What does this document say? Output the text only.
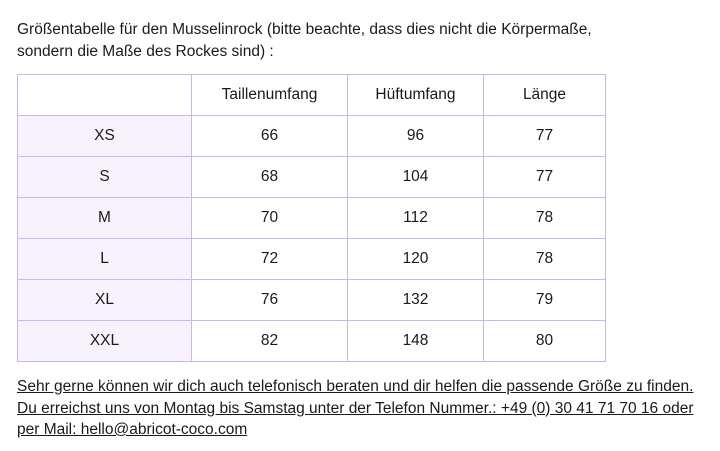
Größentabelle für den Musselinrock (bitte beachte, dass dies nicht die Körpermaße,
sondern die Maße des Rockes sind) :

	Taillenumfang	Hüftumfang	Länge
XS	66	96	77
S	68	104	77
M	70	112	78
L	72	120	78
XL	76	132	79
XXL	82	148	80

Sehr gerne können wir dich auch telefonisch beraten und dir helfen die passende Größe zu finden.
Du erreichst uns von Montag bis Samstag unter der Telefon Nummer.: +49 (0) 30 41 71 70 16 oder
per Mail: hello@abricot-coco.com
